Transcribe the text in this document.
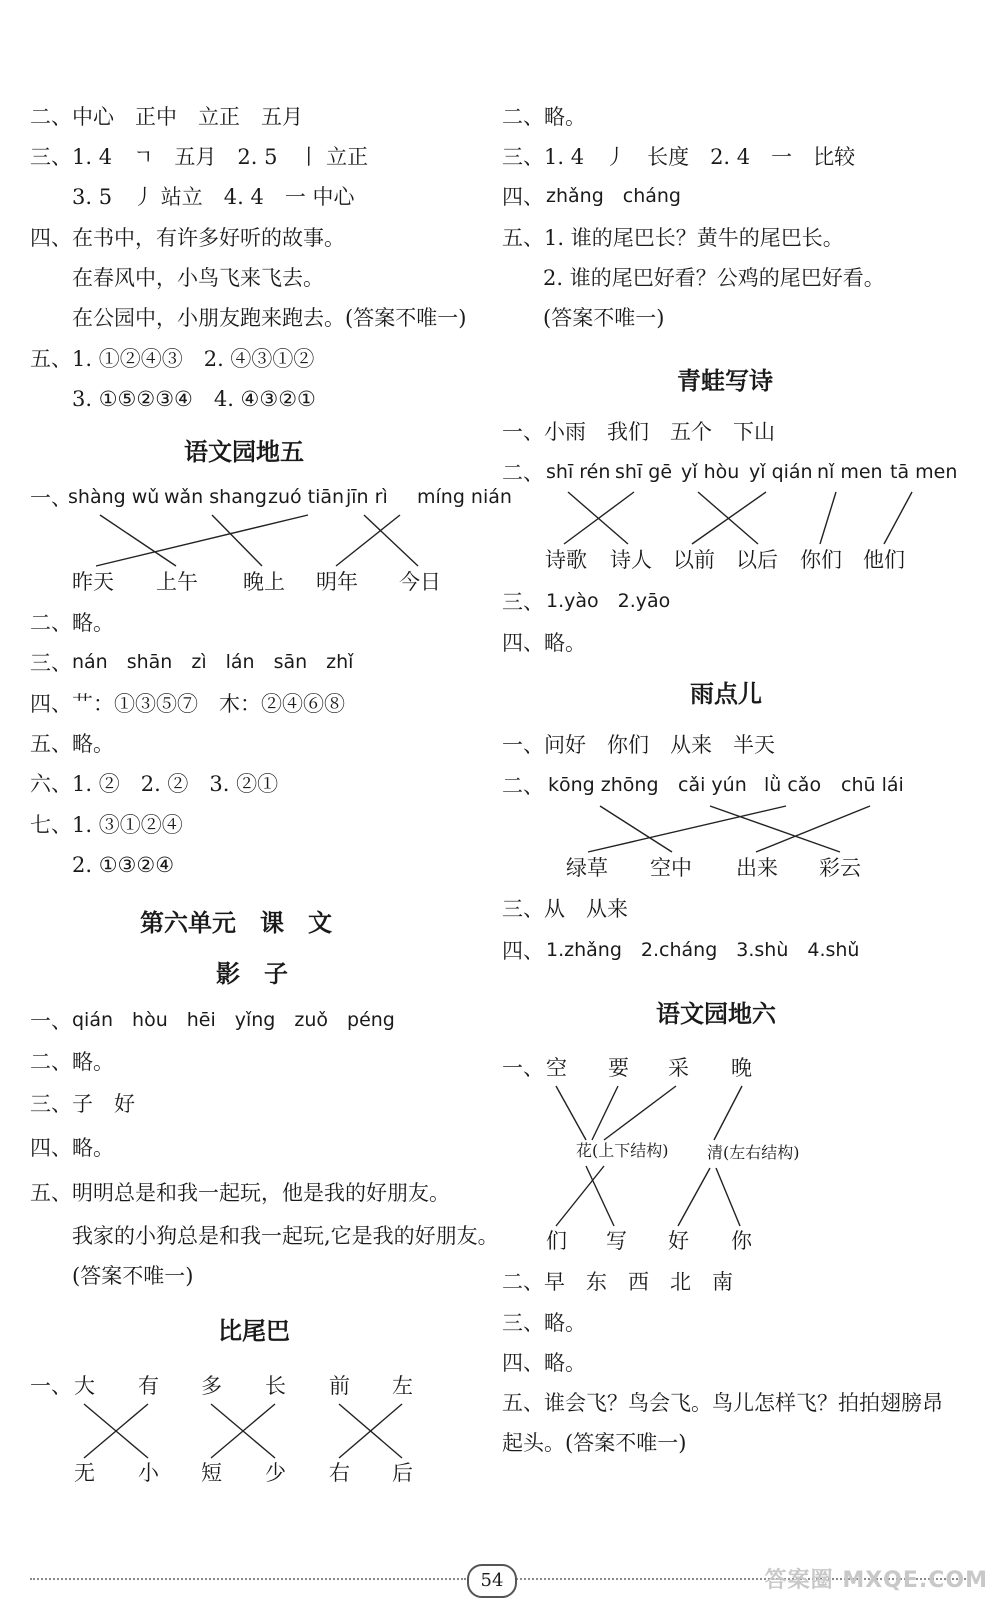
二、中心　正中　立正　五月
三、1. 4　ㄱ　五月　2. 5　丨 立正
3. 5　丿 站立　4. 4　一 中心
四、在书中，有许多好听的故事。
在春风中，小鸟飞来飞去。
在公园中，小朋友跑来跑去。(答案不唯一)
五、1. ①②④③　2. ④③①②
3. ①⑤②③④　4. ④③②①
语文园地五
一、
shàng wǔ wǎn shang zuó tiān jīn rì míng nián
昨天 上午 晚上 明年 今日
二、略。
三、 nán　shān　zì　lán　sān　zhǐ
四、艹：①③⑤⑦　木：②④⑥⑧
五、略。
六、1. ②　2. ②　3. ②①
七、1. ③①②④
2. ①③②④
第六单元　课　文
影　子
一、 qián　hòu　hēi　yǐng　zuǒ　péng
二、略。
三、子　好
四、略。
五、明明总是和我一起玩，他是我的好朋友。
我家的小狗总是和我一起玩,它是我的好朋友。
(答案不唯一)
比尾巴
一、 大 有 多 长 前 左
无 小 短 少 右 后
二、略。
三、1. 4　丿　长度　2. 4　一　比较
四、 zhǎng　cháng
五、1. 谁的尾巴长？黄牛的尾巴长。
2. 谁的尾巴好看？公鸡的尾巴好看。
(答案不唯一)
青蛙写诗
一、小雨　我们　五个　下山
二、 shī rén shī gē yǐ hòu yǐ qián nǐ men tā men
诗歌 诗人 以前 以后 你们 他们
三、 1.yào　2.yāo
四、略。
雨点儿
一、问好　你们　从来　半天
二、 kōng zhōng cǎi yún lǜ cǎo chū lái
绿草 空中 出来 彩云
三、从　从来
四、 1.zhǎng　2.cháng　3.shù　4.shǔ
语文园地六
一、 空 要 采 晚
花(上下结构) 清(左右结构)
们 写 好 你
二、早　东　西　北　南
三、略。
四、略。
五、谁会飞？鸟会飞。鸟儿怎样飞？拍拍翅膀昂
起头。(答案不唯一)
54	答案圈 MXQE.COM
